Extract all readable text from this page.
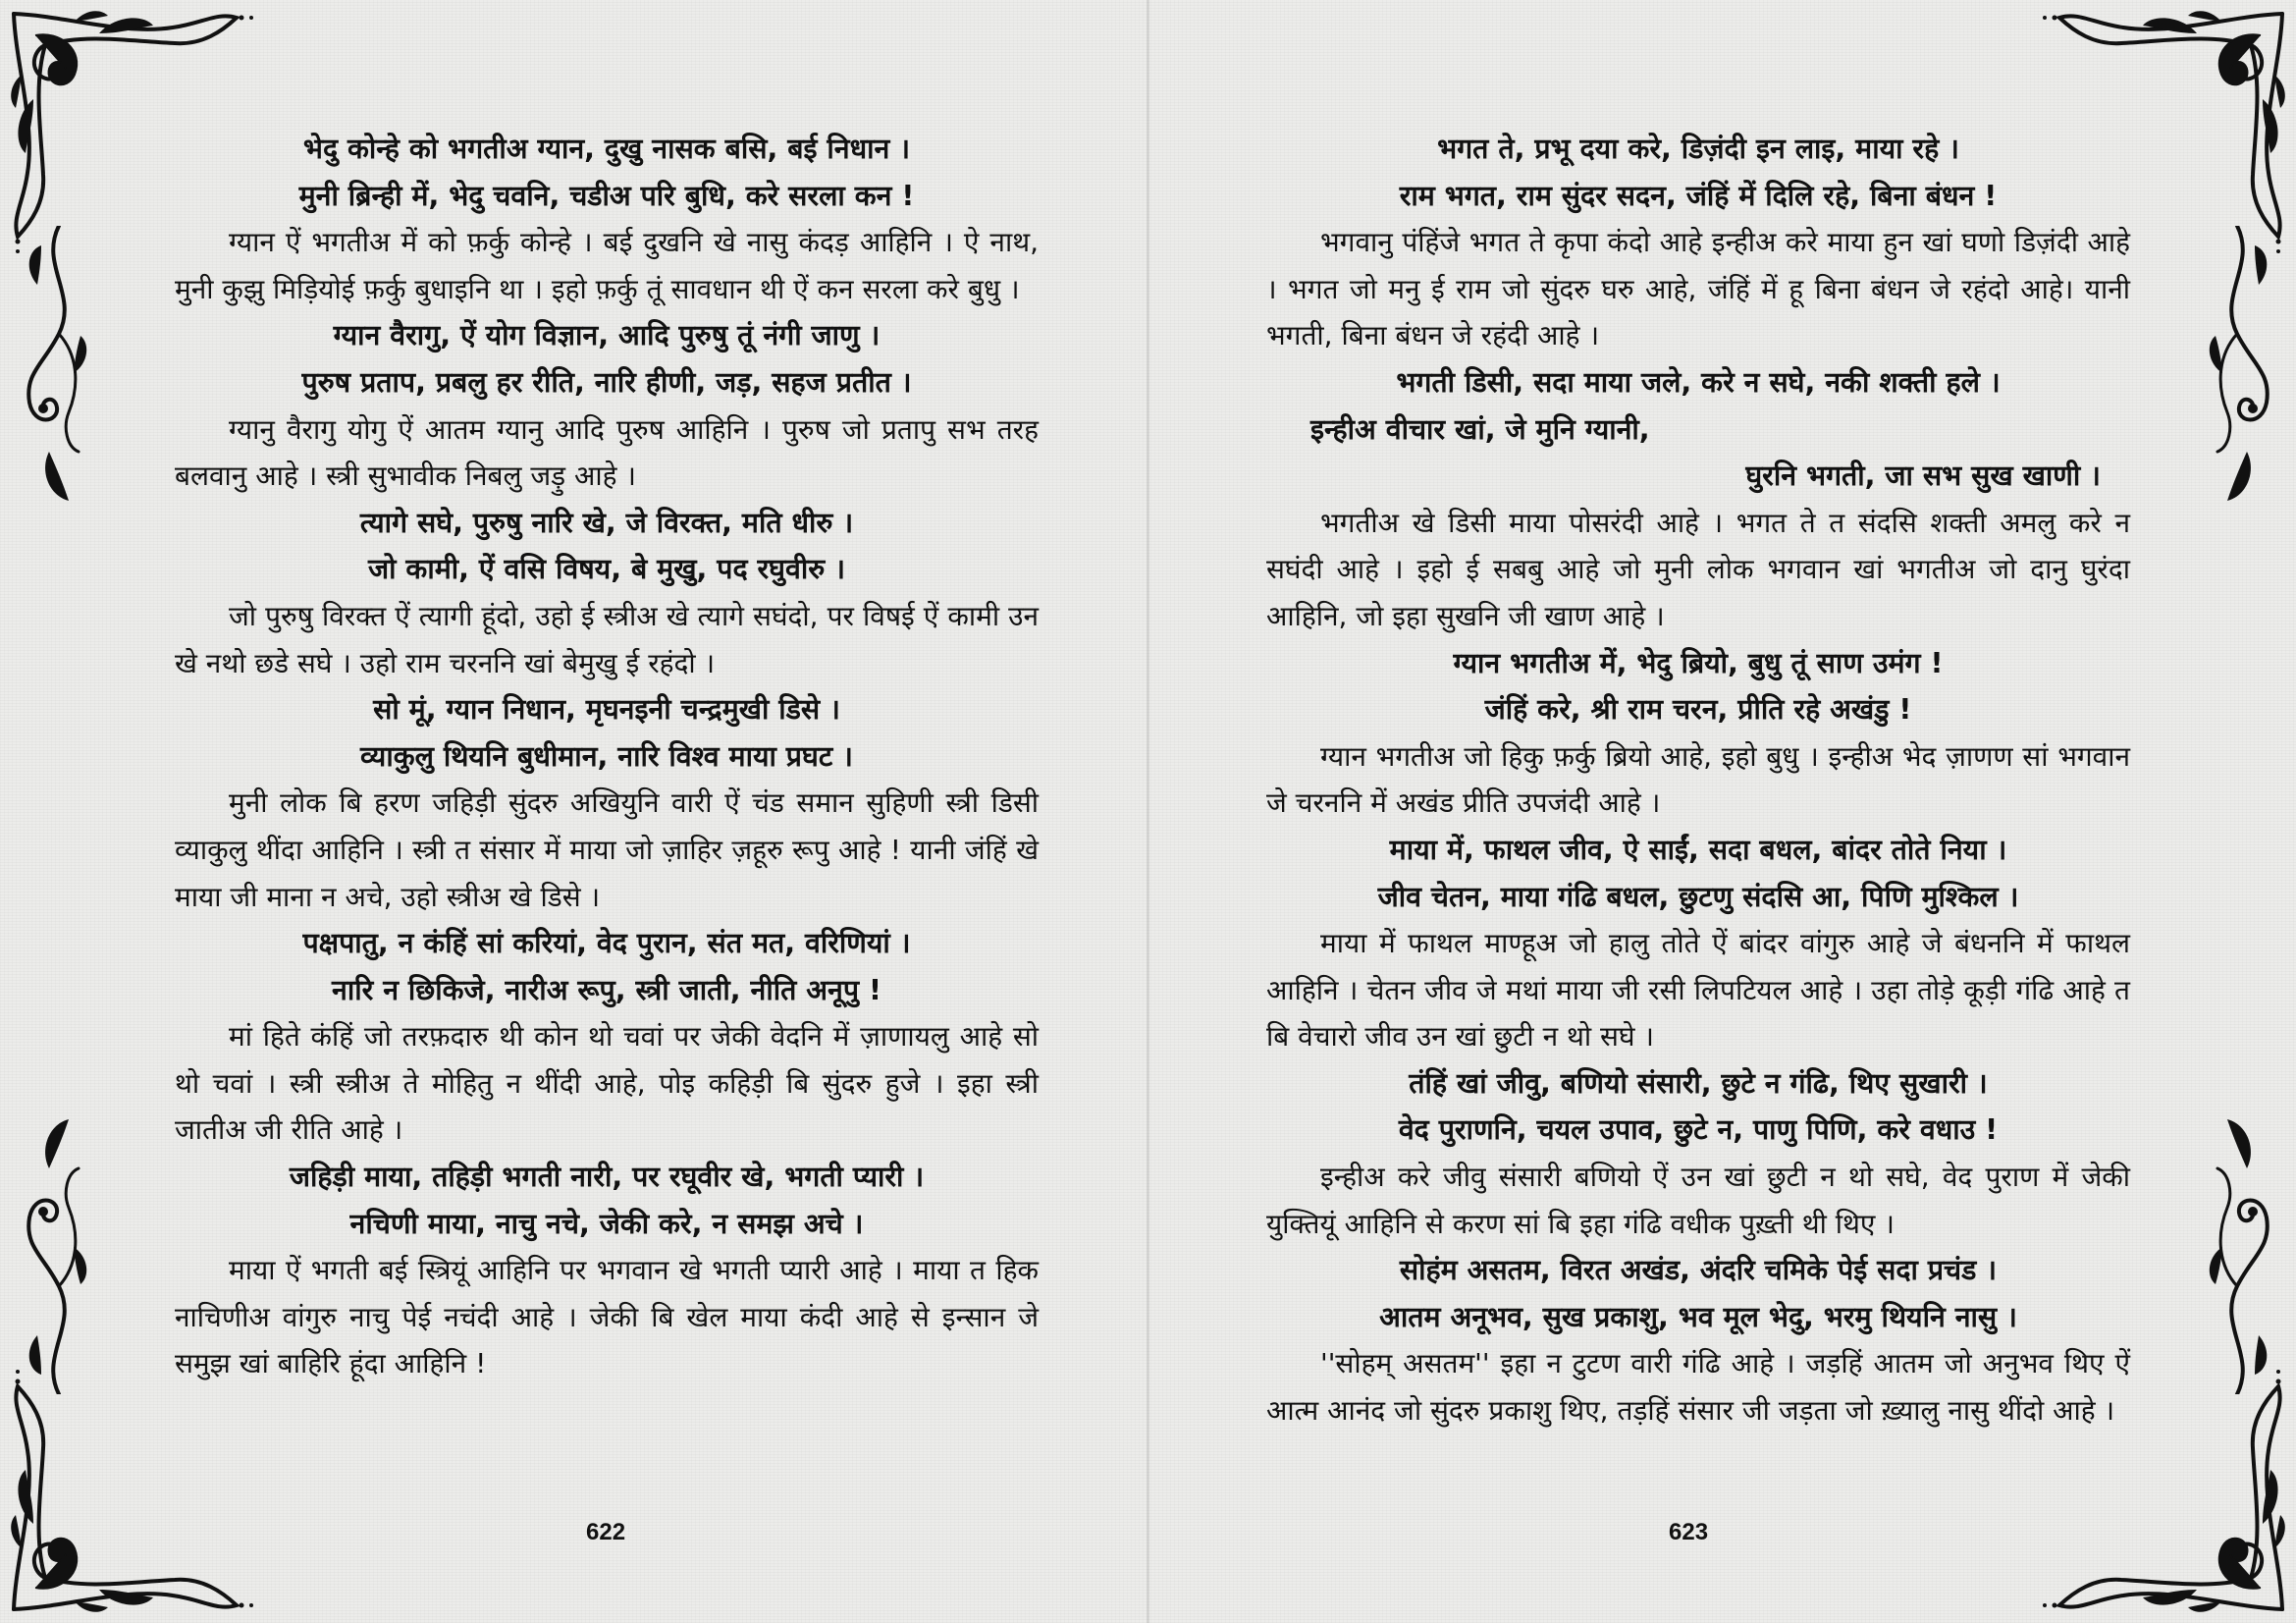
भेदु कोन्हे को भगतीअ ग्यान, दुखु नासक बसि, बई निधान ।
मुनी ब्रिन्ही में, भेदु चवनि, चडीअ परि बुधि, करे सरला कन !
ग्यान ऐं भगतीअ में को फ़र्कु कोन्हे । बई दुखनि खे नासु कंदड़ आहिनि । ऐ नाथ, मुनी कुझु मिड़ियोई फ़र्कु बुधाइनि था । इहो फ़र्कु तूं सावधान थी ऐं कन सरला करे बुधु ।
ग्यान वैरागु, ऐं योग विज्ञान, आदि पुरुषु तूं नंगी जाणु ।
पुरुष प्रताप, प्रबलु हर रीति, नारि हीणी, जड़, सहज प्रतीत ।
ग्यानु वैरागु योगु ऐं आतम ग्यानु आदि पुरुष आहिनि । पुरुष जो प्रतापु सभ तरह बलवानु आहे । स्त्री सुभावीक निबलु जड़ु आहे ।
त्यागे सघे, पुरुषु नारि खे, जे विरक्त, मति धीरु ।
जो कामी, ऐं वसि विषय, बे मुखु, पद रघुवीरु ।
जो पुरुषु विरक्त ऐं त्यागी हूंदो, उहो ई स्त्रीअ खे त्यागे सघंदो, पर विषई ऐं कामी उन खे नथो छडे सघे । उहो राम चरननि खां बेमुखु ई रहंदो ।
सो मूं, ग्यान निधान, मृघनइनी चन्द्रमुखी डिसे ।
व्याकुलु थियनि बुधीमान, नारि विश्व माया प्रघट ।
मुनी लोक बि हरण जहिड़ी सुंदरु अखियुनि वारी ऐं चंड समान सुहिणी स्त्री डिसी व्याकुलु थींदा आहिनि । स्त्री त संसार में माया जो ज़ाहिर ज़हूरु रूपु आहे ! यानी जंहिं खे माया जी माना न अचे, उहो स्त्रीअ खे डिसे ।
पक्षपातु, न कंहिं सां करियां, वेद पुरान, संत मत, वरिणियां ।
नारि न छिकिजे, नारीअ रूपु, स्त्री जाती, नीति अनूपु !
मां हिते कंहिं जो तरफ़दारु थी कोन थो चवां पर जेकी वेदनि में ज़ाणायलु आहे सो थो चवां । स्त्री स्त्रीअ ते मोहितु न थींदी आहे, पोइ कहिड़ी बि सुंदरु हुजे । इहा स्त्री जातीअ जी रीति आहे ।
जहिड़ी माया, तहिड़ी भगती नारी, पर रघूवीर खे, भगती प्यारी ।
नचिणी माया, नाचु नचे, जेकी करे, न समझ अचे ।
माया ऐं भगती बई स्त्रियूं आहिनि पर भगवान खे भगती प्यारी आहे । माया त हिक नाचिणीअ वांगुरु नाचु पेई नचंदी आहे । जेकी बि खेल माया कंदी आहे से इन्सान जे समुझ खां बाहिरि हूंदा आहिनि !
622
भगत ते, प्रभू दया करे, डिज़ंदी इन लाइ, माया रहे ।
राम भगत, राम सुंदर सदन, जंहिं में दिलि रहे, बिना बंधन !
भगवानु पंहिंजे भगत ते कृपा कंदो आहे इन्हीअ करे माया हुन खां घणो डिज़ंदी आहे । भगत जो मनु ई राम जो सुंदरु घरु आहे, जंहिं में हू बिना बंधन जे रहंदो आहे। यानी भगती, बिना बंधन जे रहंदी आहे ।
भगती डिसी, सदा माया जले, करे न सघे, नकी शक्ती हले ।
इन्हीअ वीचार खां, जे मुनि ग्यानी,
घुरनि भगती, जा सभ सुख खाणी ।
भगतीअ खे डिसी माया पोसरंदी आहे । भगत ते त संदसि शक्ती अमलु करे न सघंदी आहे । इहो ई सबबु आहे जो मुनी लोक भगवान खां भगतीअ जो दानु घुरंदा आहिनि, जो इहा सुखनि जी खाण आहे ।
ग्यान भगतीअ में, भेदु ब्रियो, बुधु तूं साण उमंग !
जंहिं करे, श्री राम चरन, प्रीति रहे अखंडु !
ग्यान भगतीअ जो हिकु फ़र्कु ब्रियो आहे, इहो बुधु । इन्हीअ भेद ज़ाणण सां भगवान जे चरननि में अखंड प्रीति उपजंदी आहे ।
माया में, फाथल जीव, ऐ साईं, सदा बधल, बांदर तोते निया ।
जीव चेतन, माया गंढि बधल, छुटणु संदसि आ, पिणि मुश्किल ।
माया में फाथल माण्हूअ जो हालु तोते ऐं बांदर वांगुरु आहे जे बंधननि में फाथल आहिनि । चेतन जीव जे मथां माया जी रसी लिपटियल आहे । उहा तोड़े कूड़ी गंढि आहे त बि वेचारो जीव उन खां छुटी न थो सघे ।
तंहिं खां जीवु, बणियो संसारी, छुटे न गंढि, थिए सुखारी ।
वेद पुराणनि, चयल उपाव, छुटे न, पाणु पिणि, करे वधाउ !
इन्हीअ करे जीवु संसारी बणियो ऐं उन खां छुटी न थो सघे, वेद पुराण में जेकी युक्तियूं आहिनि से करण सां बि इहा गंढि वधीक पुख़्ती थी थिए ।
सोहंम असतम, विरत अखंड, अंदरि चमिके पेई सदा प्रचंड ।
आतम अनूभव, सुख प्रकाशु, भव मूल भेदु, भरमु थियनि नासु ।
''सोहम् असतम'' इहा न टुटण वारी गंढि आहे । जड़हिं आतम जो अनुभव थिए ऐं आत्म आनंद जो सुंदरु प्रकाशु थिए, तड़हिं संसार जी जड़ता जो ख़्यालु नासु थींदो आहे ।
623
